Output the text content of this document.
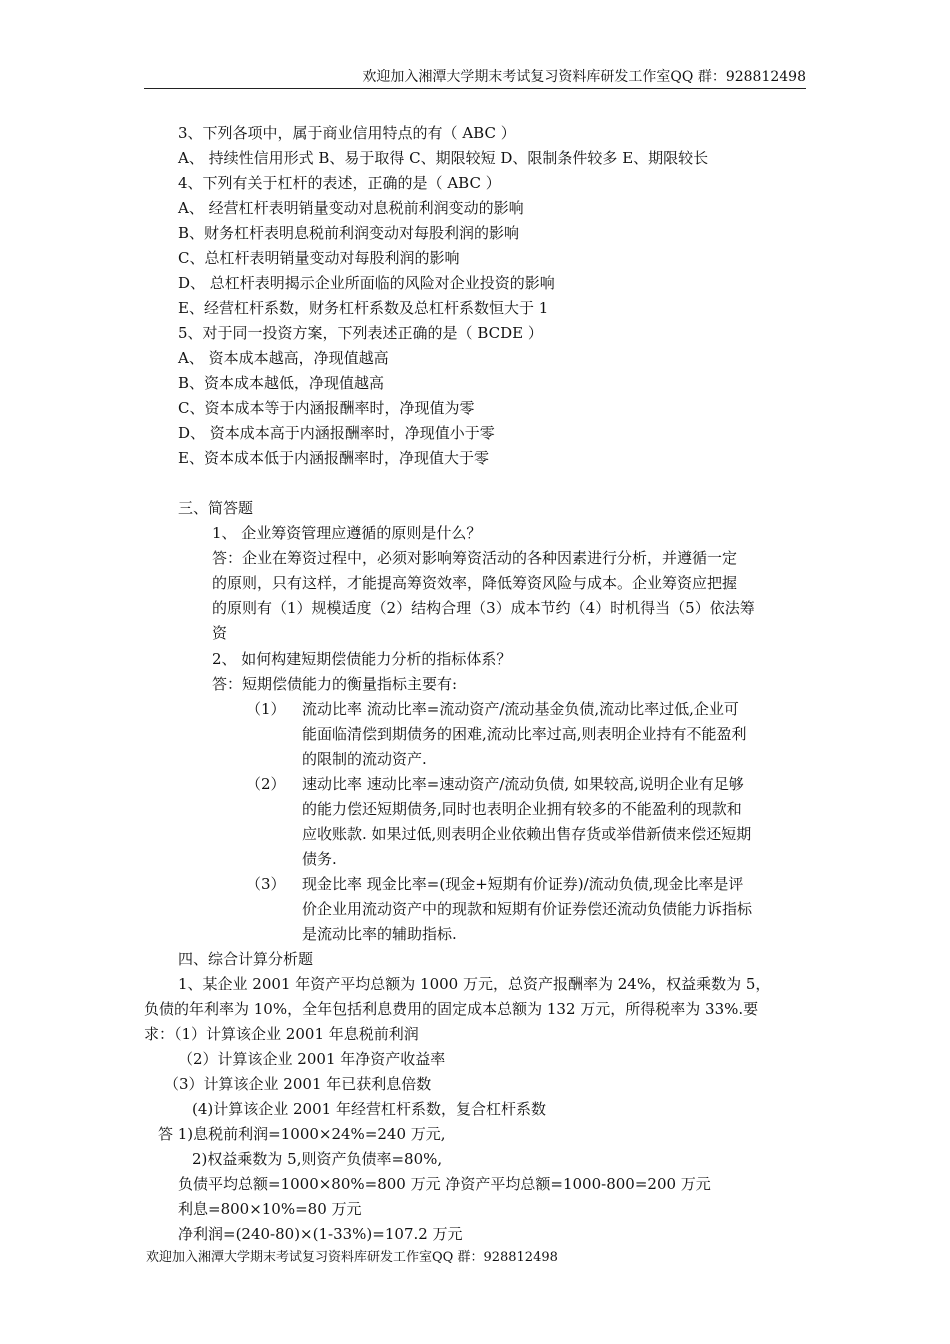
欢迎加入湘潭大学期末考试复习资料库研发工作室QQ 群：928812498
3、下列各项中，属于商业信用特点的有（ ABC ）
A、 持续性信用形式 B、易于取得 C、期限较短 D、限制条件较多 E、期限较长
4、下列有关于杠杆的表述，正确的是（ ABC ）
A、 经营杠杆表明销量变动对息税前利润变动的影响
B、财务杠杆表明息税前利润变动对每股利润的影响
C、总杠杆表明销量变动对每股利润的影响
D、 总杠杆表明揭示企业所面临的风险对企业投资的影响
E、经营杠杆系数，财务杠杆系数及总杠杆系数恒大于 1
5、对于同一投资方案，下列表述正确的是（ BCDE ）
A、 资本成本越高，净现值越高
B、资本成本越低，净现值越高
C、资本成本等于内涵报酬率时，净现值为零
D、 资本成本高于内涵报酬率时，净现值小于零
E、资本成本低于内涵报酬率时，净现值大于零
三、简答题
1、 企业筹资管理应遵循的原则是什么？
答：企业在筹资过程中，必须对影响筹资活动的各种因素进行分析，并遵循一定
的原则，只有这样，才能提高筹资效率，降低筹资风险与成本。企业筹资应把握
的原则有（1）规模适度（2）结构合理（3）成本节约（4）时机得当（5）依法筹
资
2、 如何构建短期偿债能力分析的指标体系？
答：短期偿债能力的衡量指标主要有:
（1） 流动比率 流动比率=流动资产/流动基金负债,流动比率过低,企业可
能面临清偿到期债务的困难,流动比率过高,则表明企业持有不能盈利
的限制的流动资产.
（2） 速动比率 速动比率=速动资产/流动负债, 如果较高,说明企业有足够
的能力偿还短期债务,同时也表明企业拥有较多的不能盈利的现款和
应收账款. 如果过低,则表明企业依赖出售存货或举借新债来偿还短期
债务.
（3） 现金比率 现金比率=(现金+短期有价证券)/流动负债,现金比率是评
价企业用流动资产中的现款和短期有价证券偿还流动负债能力诉指标
是流动比率的辅助指标.
四、综合计算分析题
1、某企业 2001 年资产平均总额为 1000 万元，总资产报酬率为 24%，权益乘数为 5，
负债的年利率为 10%，全年包括利息费用的固定成本总额为 132 万元，所得税率为 33%.要
求：（1）计算该企业 2001 年息税前利润
（2）计算该企业 2001 年净资产收益率
（3）计算该企业 2001 年已获利息倍数
(4)计算该企业 2001 年经营杠杆系数，复合杠杆系数
答 1)息税前利润=1000×24%=240 万元,
2)权益乘数为 5,则资产负债率=80%,
负债平均总额=1000×80%=800 万元 净资产平均总额=1000-800=200 万元
利息=800×10%=80 万元
净利润=(240-80)×(1-33%)=107.2 万元
欢迎加入湘潭大学期末考试复习资料库研发工作室QQ 群：928812498
